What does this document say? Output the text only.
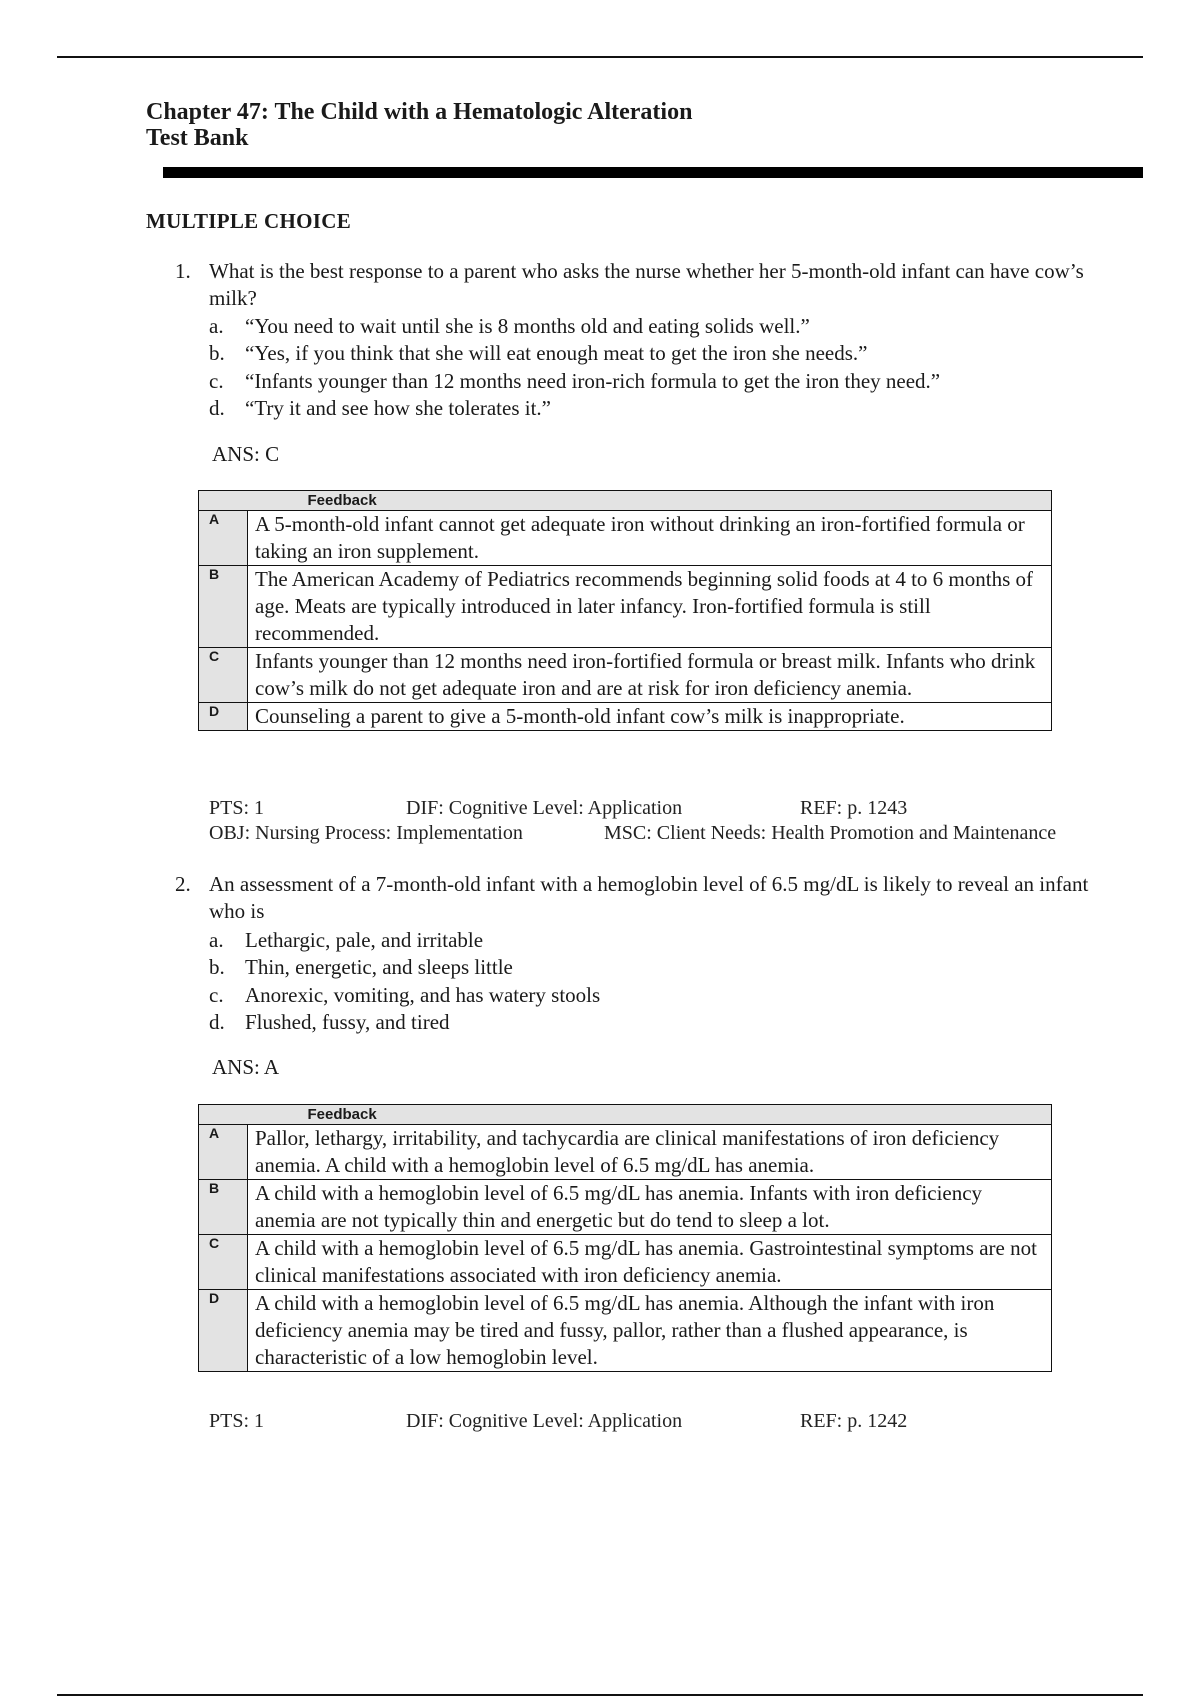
Chapter 47: The Child with a Hematologic Alteration
Test Bank
MULTIPLE CHOICE
1. What is the best response to a parent who asks the nurse whether her 5-month-old infant can have cow’s milk?
a.	“You need to wait until she is 8 months old and eating solids well.”
b. “Yes, if you think that she will eat enough meat to get the iron she needs.”
c.	“Infants younger than 12 months need iron-rich formula to get the iron they need.”
d. “Try it and see how she tolerates it.”
ANS: C
	Feedback
A	A 5-month-old infant cannot get adequate iron without drinking an iron-fortified formula or taking an iron supplement.
B	The American Academy of Pediatrics recommends beginning solid foods at 4 to 6 months of age. Meats are typically introduced in later infancy. Iron-fortified formula is still recommended.
C	Infants younger than 12 months need iron-fortified formula or breast milk. Infants who drink cow’s milk do not get adequate iron and are at risk for iron deficiency anemia.
D	Counseling a parent to give a 5-month-old infant cow’s milk is inappropriate.
PTS: 1	DIF: Cognitive Level: Application	REF: p. 1243
OBJ: Nursing Process: Implementation	MSC: Client Needs: Health Promotion and Maintenance
2. An assessment of a 7-month-old infant with a hemoglobin level of 6.5 mg/dL is likely to reveal an infant who is
a.	Lethargic, pale, and irritable
b. Thin, energetic, and sleeps little
c.	Anorexic, vomiting, and has watery stools
d. Flushed, fussy, and tired
ANS: A
	Feedback
A	Pallor, lethargy, irritability, and tachycardia are clinical manifestations of iron deficiency anemia. A child with a hemoglobin level of 6.5 mg/dL has anemia.
B	A child with a hemoglobin level of 6.5 mg/dL has anemia. Infants with iron deficiency anemia are not typically thin and energetic but do tend to sleep a lot.
C	A child with a hemoglobin level of 6.5 mg/dL has anemia. Gastrointestinal symptoms are not clinical manifestations associated with iron deficiency anemia.
D	A child with a hemoglobin level of 6.5 mg/dL has anemia. Although the infant with iron deficiency anemia may be tired and fussy, pallor, rather than a flushed appearance, is characteristic of a low hemoglobin level.
PTS: 1	DIF: Cognitive Level: Application	REF: p. 1242
